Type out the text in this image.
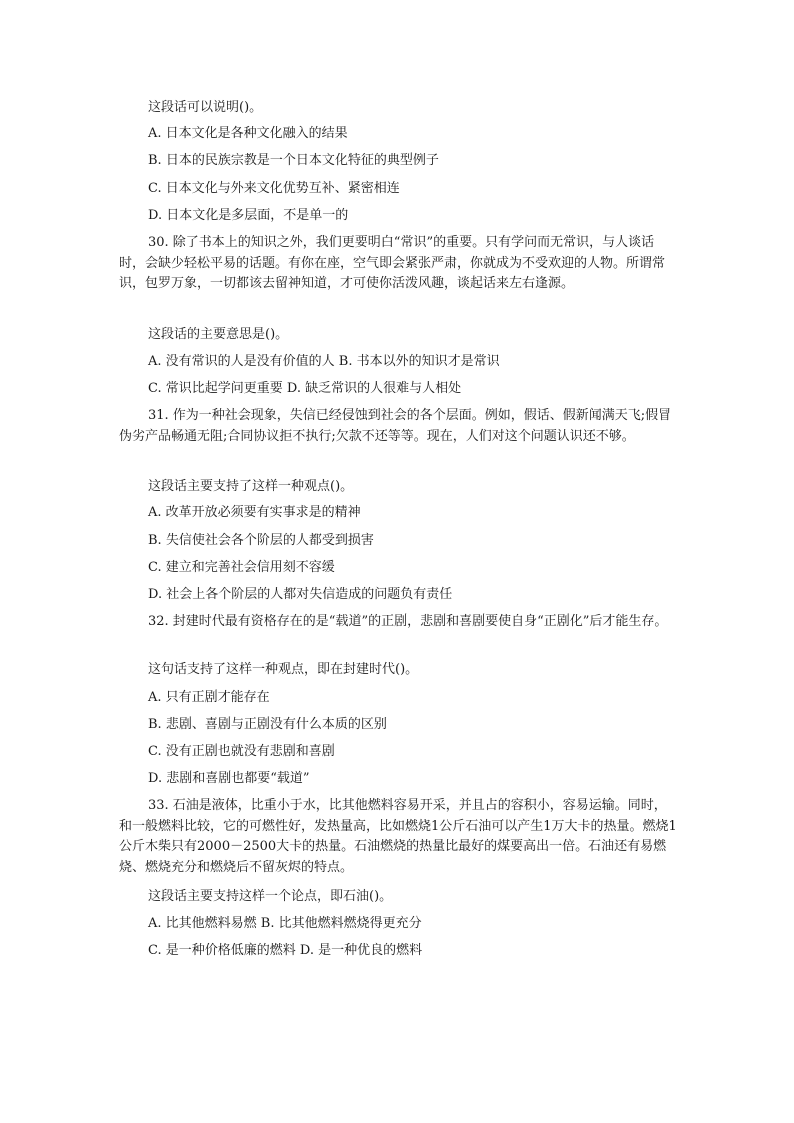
这段话可以说明()。
A. 日本文化是各种文化融入的结果
B. 日本的民族宗教是一个日本文化特征的典型例子
C. 日本文化与外来文化优势互补、紧密相连
D. 日本文化是多层面，不是单一的
30. 除了书本上的知识之外，我们更要明白“常识”的重要。只有学问而无常识，与人谈话时，会缺少轻松平易的话题。有你在座，空气即会紧张严肃，你就成为不受欢迎的人物。所谓常识，包罗万象，一切都该去留神知道，才可使你活泼风趣，谈起话来左右逢源。
这段话的主要意思是()。
A. 没有常识的人是没有价值的人 B. 书本以外的知识才是常识
C. 常识比起学问更重要 D. 缺乏常识的人很难与人相处
31. 作为一种社会现象，失信已经侵蚀到社会的各个层面。例如，假话、假新闻满天飞;假冒伪劣产品畅通无阻;合同协议拒不执行;欠款不还等等。现在，人们对这个问题认识还不够。
这段话主要支持了这样一种观点()。
A. 改革开放必须要有实事求是的精神
B. 失信使社会各个阶层的人都受到损害
C. 建立和完善社会信用刻不容缓
D. 社会上各个阶层的人都对失信造成的问题负有责任
32. 封建时代最有资格存在的是“载道”的正剧，悲剧和喜剧要使自身“正剧化”后才能生存。
这句话支持了这样一种观点，即在封建时代()。
A. 只有正剧才能存在
B. 悲剧、喜剧与正剧没有什么本质的区别
C. 没有正剧也就没有悲剧和喜剧
D. 悲剧和喜剧也都要“载道”
33. 石油是液体，比重小于水，比其他燃料容易开采，并且占的容积小，容易运输。同时，和一般燃料比较，它的可燃性好，发热量高，比如燃烧1公斤石油可以产生1万大卡的热量。燃烧1公斤木柴只有2000－2500大卡的热量。石油燃烧的热量比最好的煤要高出一倍。石油还有易燃烧、燃烧充分和燃烧后不留灰烬的特点。
这段话主要支持这样一个论点，即石油()。
A. 比其他燃料易燃 B. 比其他燃料燃烧得更充分
C. 是一种价格低廉的燃料 D. 是一种优良的燃料
